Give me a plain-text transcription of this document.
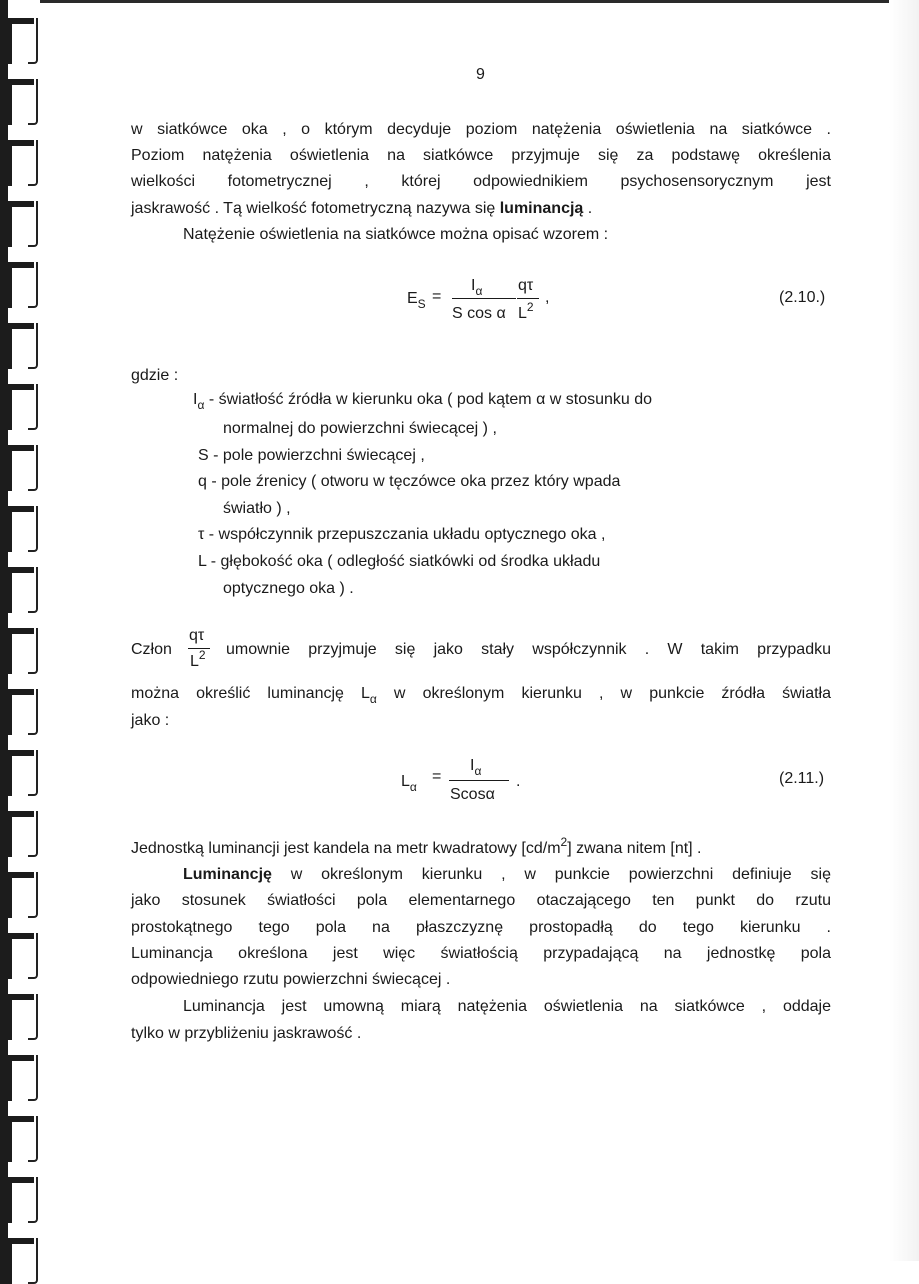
9
w siatkówce oka , o którym decyduje poziom natężenia oświetlenia na siatkówce .
Poziom natężenia oświetlenia na siatkówce przyjmuje się za podstawę określenia
wielkości fotometrycznej , której odpowiednikiem psychosensorycznym jest
jaskrawość . Tą wielkość fotometryczną nazywa się luminancją .
Natężenie oświetlenia na siatkówce można opisać wzorem :
$E_S$ =
$I_\alpha$
S cos α
qτ
$L^2$
,	(2.10.)
gdzie :
$I_\alpha$ - światłość źródła w kierunku oka ( pod kątem α w stosunku do
normalnej do powierzchni świecącej ) ,
S - pole powierzchni świecącej ,
q - pole źrenicy ( otworu w tęczówce oka przez który wpada
światło ) ,
τ - współczynnik przepuszczania układu optycznego oka ,
L - głębokość oka ( odległość siatkówki od środka układu
optycznego oka ) .
Człon
qτ
$L^2$ umownie przyjmuje się jako stały współczynnik . W takim przypadku
można określić luminancję $L_\alpha$ w określonym kierunku , w punkcie źródła światła
jako :
$L_\alpha$
=
$I_\alpha$
Scosα
.	(2.11.)
Jednostką luminancji jest kandela na metr kwadratowy $[cd/m^2]$ zwana nitem [nt] .
Luminancję w określonym kierunku , w punkcie powierzchni definiuje się
jako stosunek światłości pola elementarnego otaczającego ten punkt do rzutu
prostokątnego tego pola na płaszczyznę prostopadłą do tego kierunku .
Luminancja określona jest więc światłością przypadającą na jednostkę pola
odpowiedniego rzutu powierzchni świecącej .
Luminancja jest umowną miarą natężenia oświetlenia na siatkówce , oddaje
tylko w przybliżeniu jaskrawość .
